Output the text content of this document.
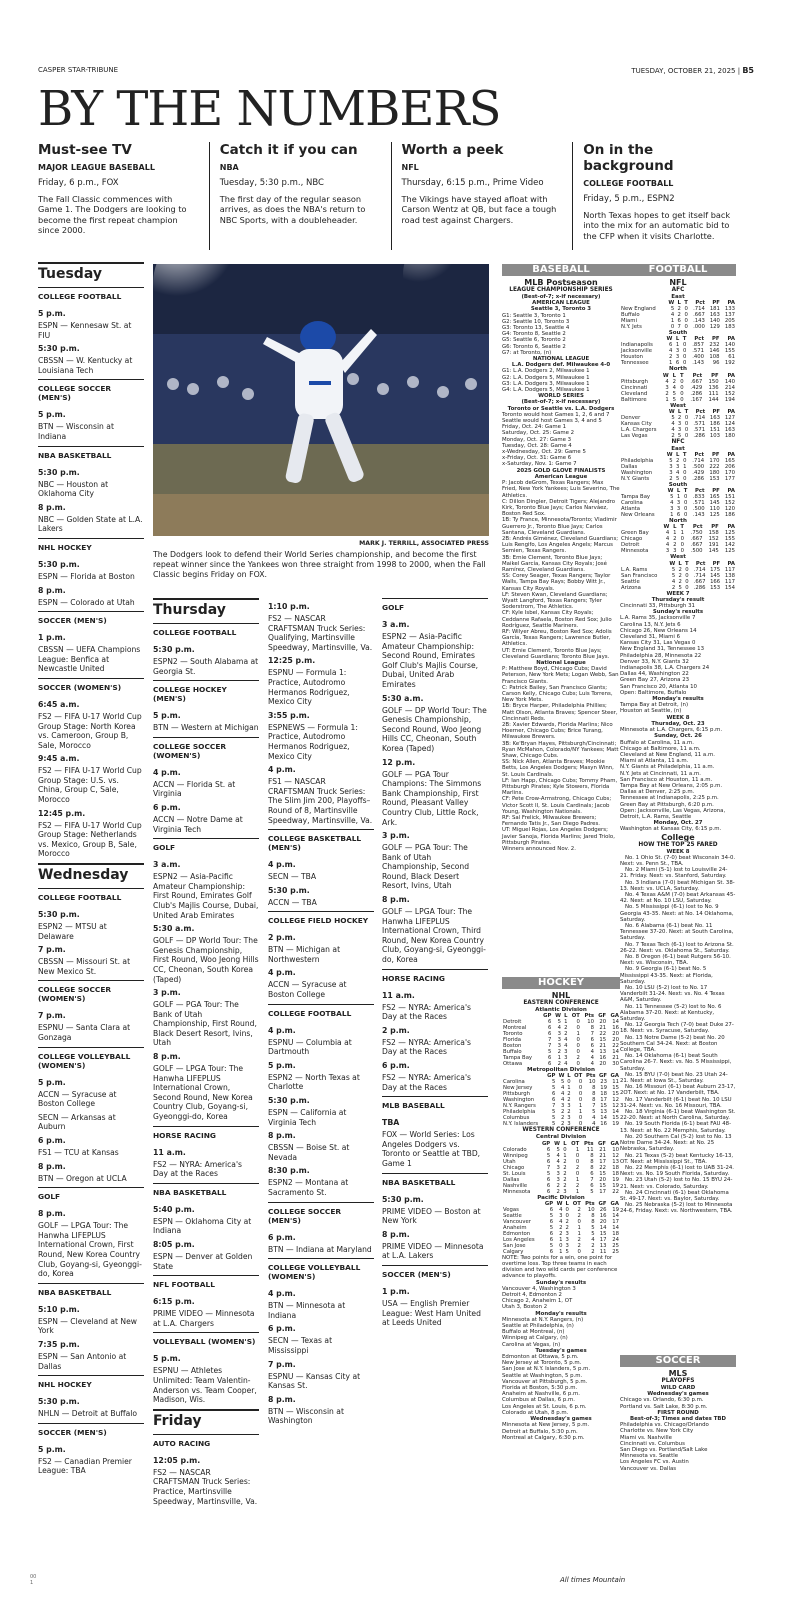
CASPER STAR-TRIBUNE	TUESDAY, OCTOBER 21, 2025 | B5
BY THE NUMBERS
Must-see TV
MAJOR LEAGUE BASEBALL
Friday, 6 p.m., FOX

The Fall Classic commences with Game 1. The Dodgers are looking to become the first repeat champion since 2000.

Catch it if you can
NBA
Tuesday, 5:30 p.m., NBC

The first day of the regular season arrives, as does the NBA's return to NBC Sports, with a doubleheader.

Worth a peek
NFL
Thursday, 6:15 p.m., Prime Video

The Vikings have stayed afloat with Carson Wentz at QB, but face a tough road test against Chargers.

On in the background
COLLEGE FOOTBALL
Friday, 5 p.m., ESPN2

North Texas hopes to get itself back into the mix for an automatic bid to the CFP when it visits Charlotte.

Tuesday
COLLEGE FOOTBALL
5 p.m.
ESPN — Kennesaw St. at FIU
5:30 p.m.
CBSSN — W. Kentucky at Louisiana Tech
COLLEGE SOCCER (MEN'S)
5 p.m.
BTN — Wisconsin at Indiana
NBA BASKETBALL
5:30 p.m.
NBC — Houston at Oklahoma City
8 p.m.
NBC — Golden State at L.A. Lakers
NHL HOCKEY
5:30 p.m.
ESPN — Florida at Boston
8 p.m.
ESPN — Colorado at Utah
SOCCER (MEN'S)
1 p.m.
CBSSN — UEFA Champions League: Benfica at Newcastle United
SOCCER (WOMEN'S)
6:45 a.m.
FS2 — FIFA U-17 World Cup Group Stage: North Korea vs. Cameroon, Group B, Sale, Morocco
9:45 a.m.
FS2 — FIFA U-17 World Cup Group Stage: U.S. vs. China, Group C, Sale, Morocco
12:45 p.m.
FS2 — FIFA U-17 World Cup Group Stage: Netherlands vs. Mexico, Group B, Sale, Morocco
Wednesday
COLLEGE FOOTBALL
5:30 p.m.
ESPN2 — MTSU at Delaware
7 p.m.
CBSSN — Missouri St. at New Mexico St.
COLLEGE SOCCER (WOMEN'S)
7 p.m.
ESPNU — Santa Clara at Gonzaga
COLLEGE VOLLEYBALL (WOMEN'S)
5 p.m.
ACCN — Syracuse at Boston College
SECN — Arkansas at Auburn
6 p.m.
FS1 — TCU at Kansas
8 p.m.
BTN — Oregon at UCLA
GOLF
8 p.m.
GOLF — LPGA Tour: The Hanwha LIFEPLUS International Crown, First Round, New Korea Country Club, Goyang-si, Gyeonggi-do, Korea
NBA BASKETBALL
5:10 p.m.
ESPN — Cleveland at New York
7:35 p.m.
ESPN — San Antonio at Dallas
NHL HOCKEY
5:30 p.m.
NHLN — Detroit at Buffalo
SOCCER (MEN'S)
5 p.m.
FS2 — Canadian Premier League: TBA
MARK J. TERRILL, ASSOCIATED PRESS
The Dodgers look to defend their World Series championship, and become the first repeat winner since the Yankees won three straight from 1998 to 2000, when the Fall Classic begins Friday on FOX.
Thursday
COLLEGE FOOTBALL
5:30 p.m.
ESPN2 — South Alabama at Georgia St.
COLLEGE HOCKEY (MEN'S)
5 p.m.
BTN — Western at Michigan
COLLEGE SOCCER (WOMEN'S)
4 p.m.
ACCN — Florida St. at Virginia
6 p.m.
ACCN — Notre Dame at Virginia Tech
GOLF
3 a.m.
ESPN2 — Asia-Pacific Amateur Championship: First Round, Emirates Golf Club's Majlis Course, Dubai, United Arab Emirates
5:30 a.m.
GOLF — DP World Tour: The Genesis Championship, First Round, Woo Jeong Hills CC, Cheonan, South Korea (Taped)
3 p.m.
GOLF — PGA Tour: The Bank of Utah Championship, First Round, Black Desert Resort, Ivins, Utah
8 p.m.
GOLF — LPGA Tour: The Hanwha LIFEPLUS International Crown, Second Round, New Korea Country Club, Goyang-si, Gyeonggi-do, Korea
HORSE RACING
11 a.m.
FS2 — NYRA: America's Day at the Races
NBA BASKETBALL
5:40 p.m.
ESPN — Oklahoma City at Indiana
8:05 p.m.
ESPN — Denver at Golden State
NFL FOOTBALL
6:15 p.m.
PRIME VIDEO — Minnesota at L.A. Chargers
VOLLEYBALL (WOMEN'S)
5 p.m.
ESPNU — Athletes Unlimited: Team Valentin-Anderson vs. Team Cooper, Madison, Wis.
Friday
AUTO RACING
12:05 p.m.
FS2 — NASCAR CRAFTSMAN Truck Series: Practice, Martinsville Speedway, Martinsville, Va.
1:10 p.m.
FS2 — NASCAR CRAFTSMAN Truck Series: Qualifying, Martinsville Speedway, Martinsville, Va.
12:25 p.m.
ESPNU — Formula 1: Practice, Autodromo Hermanos Rodriguez, Mexico City
3:55 p.m.
ESPNEWS — Formula 1: Practice, Autodromo Hermanos Rodriguez, Mexico City
4 p.m.
FS1 — NASCAR CRAFTSMAN Truck Series: The Slim Jim 200, Playoffs–Round of 8, Martinsville Speedway, Martinsville, Va.
COLLEGE BASKETBALL (MEN'S)
4 p.m.
SECN — TBA
5:30 p.m.
ACCN — TBA
COLLEGE FIELD HOCKEY
2 p.m.
BTN — Michigan at Northwestern
4 p.m.
ACCN — Syracuse at Boston College
COLLEGE FOOTBALL
4 p.m.
ESPNU — Columbia at Dartmouth
5 p.m.
ESPN2 — North Texas at Charlotte
5:30 p.m.
ESPN — California at Virginia Tech
8 p.m.
CBSSN — Boise St. at Nevada
8:30 p.m.
ESPN2 — Montana at Sacramento St.
COLLEGE SOCCER (MEN'S)
6 p.m.
BTN — Indiana at Maryland
COLLEGE VOLLEYBALL (WOMEN'S)
4 p.m.
BTN — Minnesota at Indiana
6 p.m.
SECN — Texas at Mississippi
7 p.m.
ESPNU — Kansas City at Kansas St.
8 p.m.
BTN — Wisconsin at Washington
GOLF
3 a.m.
ESPN2 — Asia-Pacific Amateur Championship: Second Round, Emirates Golf Club's Majlis Course, Dubai, United Arab Emirates
5:30 a.m.
GOLF — DP World Tour: The Genesis Championship, Second Round, Woo Jeong Hills CC, Cheonan, South Korea (Taped)
12 p.m.
GOLF — PGA Tour Champions: The Simmons Bank Championship, First Round, Pleasant Valley Country Club, Little Rock, Ark.
3 p.m.
GOLF — PGA Tour: The Bank of Utah Championship, Second Round, Black Desert Resort, Ivins, Utah
8 p.m.
GOLF — LPGA Tour: The Hanwha LIFEPLUS International Crown, Third Round, New Korea Country Club, Goyang-si, Gyeonggi-do, Korea
HORSE RACING
11 a.m.
FS2 — NYRA: America's Day at the Races
2 p.m.
FS2 — NYRA: America's Day at the Races
6 p.m.
FS2 — NYRA: America's Day at the Races
MLB BASEBALL
TBA
FOX — World Series: Los Angeles Dodgers vs. Toronto or Seattle at TBD, Game 1
NBA BASKETBALL
5:30 p.m.
PRIME VIDEO — Boston at New York
8 p.m.
PRIME VIDEO — Minnesota at L.A. Lakers
SOCCER (MEN'S)
1 p.m.
USA — English Premier League: West Ham United at Leeds United
BASEBALL
MLB Postseason
LEAGUE CHAMPIONSHIP SERIES
(Best-of-7; x-if necessary)
AMERICAN LEAGUE
Seattle 3, Toronto 3
G1: Seattle 3, Toronto 1
G2: Seattle 10, Toronto 3
G3: Toronto 13, Seattle 4
G4: Toronto 8, Seattle 2
G5: Seattle 6, Toronto 2
G6: Toronto 6, Seattle 2
G7: at Toronto, (n)
NATIONAL LEAGUE
L.A. Dodgers def. Milwaukee 4-0
G1: L.A. Dodgers 2, Milwaukee 1
G2: L.A. Dodgers 5, Milwaukee 1
G3: L.A. Dodgers 3, Milwaukee 1
G4: L.A. Dodgers 5, Milwaukee 1
WORLD SERIES
(Best-of-7; x-if necessary)
Toronto or Seattle vs. L.A. Dodgers
Toronto would host Games 1, 2, 6 and 7
Seattle would host Games 3, 4 and 5
Friday, Oct. 24: Game 1
Saturday, Oct. 25: Game 2
Monday, Oct. 27: Game 3
Tuesday, Oct. 28: Game 4
x-Wednesday, Oct. 29: Game 5
x-Friday, Oct. 31: Game 6
x-Saturday, Nov. 1: Game 7
2025 GOLD GLOVE FINALISTS
American League
P: Jacob deGrom, Texas Rangers; Max Fried, New York Yankees; Luis Severino, The Athletics.
C: Dillon Dingler, Detroit Tigers; Alejandro Kirk, Toronto Blue Jays; Carlos Narváez, Boston Red Sox.
1B: Ty France, Minnesota/Toronto; Vladimir Guerrero Jr., Toronto Blue Jays; Carlos Santana, Cleveland Guardians.
2B: Andrés Giménez, Cleveland Guardians; Luis Rengifo, Los Angeles Angels; Marcus Semien, Texas Rangers.
3B: Ernie Clement, Toronto Blue Jays; Maikel García, Kansas City Royals; José Ramírez, Cleveland Guardians.
SS: Corey Seager, Texas Rangers; Taylor Walls, Tampa Bay Rays; Bobby Witt Jr., Kansas City Royals.
LF: Steven Kwan, Cleveland Guardians; Wyatt Langford, Texas Rangers; Tyler Soderstrom, The Athletics.
CF: Kyle Isbel, Kansas City Royals; Ceddanne Rafaela, Boston Red Sox; Julio Rodríguez, Seattle Mariners.
RF: Wilyer Abreu, Boston Red Sox; Adolis García, Texas Rangers; Lawrence Butler, Athletics.
UT: Ernie Clement, Toronto Blue Jays; Cleveland Guardians; Toronto Blue Jays.
National League
P: Matthew Boyd, Chicago Cubs; David Peterson, New York Mets; Logan Webb, San Francisco Giants.
C: Patrick Bailey, San Francisco Giants; Carson Kelly, Chicago Cubs; Luis Torrens, New York Mets.
1B: Bryce Harper, Philadelphia Phillies; Matt Olson, Atlanta Braves; Spencer Steer, Cincinnati Reds.
2B: Xavier Edwards, Florida Marlins; Nico Hoerner, Chicago Cubs; Brice Turang, Milwaukee Brewers.
3B: Ke'Bryan Hayes, Pittsburgh/Cincinnati; Ryan McMahon, Colorado/NY Yankees; Matt Shaw, Chicago Cubs.
SS: Nick Allen, Atlanta Braves; Mookie Betts, Los Angeles Dodgers; Masyn Winn, St. Louis Cardinals.
LF: Ian Happ, Chicago Cubs; Tommy Pham, Pittsburgh Pirates; Kyle Stowers, Florida Marlins.
CF: Pete Crow-Armstrong, Chicago Cubs; Victor Scott II, St. Louis Cardinals; Jacob Young, Washington Nationals.
RF: Sal Frelick, Milwaukee Brewers; Fernando Tatis Jr., San Diego Padres.
UT: Miguel Rojas, Los Angeles Dodgers; Javier Sanoja, Florida Marlins; Jared Triolo, Pittsburgh Pirates.
Winners announced Nov. 2.
HOCKEY
NHL
EASTERN CONFERENCE
Atlantic Division
	GP	W	L	OT	Pts	GF	GA
Detroit	6	5	1	0	10	20	14
Montreal	6	4	2	0	8	21	16
Toronto	6	3	2	1	7	22	20
Florida	7	3	4	0	6	15	20
Boston	7	3	4	0	6	21	22
Buffalo	5	2	3	0	4	13	14
Tampa Bay	6	1	3	2	4	16	21
Ottawa	6	2	4	0	4	20	30
Metropolitan Division
	GP	W	L	OT	Pts	GF	GA
Carolina	5	5	0	0	10	23	11
New Jersey	5	4	1	0	8	19	15
Pittsburgh	6	4	2	0	8	18	15
Washington	6	4	2	0	8	17	12
N.Y. Rangers	7	3	3	1	7	15	12
Philadelphia	5	2	2	1	5	13	14
Columbus	5	2	3	0	4	14	15
N.Y. Islanders	5	2	3	0	4	16	19
WESTERN CONFERENCE
Central Division
	GP	W	L	OT	Pts	GF	GA
Colorado	6	5	0	1	11	21	10
Winnipeg	5	4	1	0	8	21	12
Utah	6	4	2	0	8	17	13
Chicago	7	3	2	2	8	22	18
St. Louis	5	3	2	0	6	15	18
Dallas	6	3	2	1	7	20	19
Nashville	6	2	2	2	6	15	19
Minnesota	6	2	3	1	5	17	22
Pacific Division
	GP	W	L	OT	Pts	GF	GA
Vegas	6	4	0	2	10	26	19
Seattle	5	3	0	2	8	16	14
Vancouver	6	4	2	0	8	20	17
Anaheim	5	2	2	1	5	14	14
Edmonton	6	2	3	1	5	15	18
Los Angeles	6	1	3	2	4	17	24
San Jose	5	0	3	2	2	13	25
Calgary	6	1	5	0	2	11	25
NOTE: Two points for a win, one point for overtime loss. Top three teams in each division and two wild cards per conference advance to playoffs.
Sunday's results
Vancouver 4, Washington 3
Detroit 4, Edmonton 2
Chicago 2, Anaheim 1, OT
Utah 3, Boston 2
Monday's results
Minnesota at N.Y. Rangers, (n)
Seattle at Philadelphia, (n)
Buffalo at Montreal, (n)
Winnipeg at Calgary, (n)
Carolina at Vegas, (n)
Tuesday's games
Edmonton at Ottawa, 5 p.m.
New Jersey at Toronto, 5 p.m.
San Jose at N.Y. Islanders, 5 p.m.
Seattle at Washington, 5 p.m.
Vancouver at Pittsburgh, 5 p.m.
Florida at Boston, 5:30 p.m.
Anaheim at Nashville, 6 p.m.
Columbus at Dallas, 6 p.m.
Los Angeles at St. Louis, 6 p.m.
Colorado at Utah, 8 p.m.
Wednesday's games
Minnesota at New Jersey, 5 p.m.
Detroit at Buffalo, 5:30 p.m.
Montreal at Calgary, 6:30 p.m.
FOOTBALL
NFL
AFC
East
	W	L	T	Pct	PF	PA
New England	5	2	0	.714	181	133
Buffalo	4	2	0	.667	163	137
Miami	1	6	0	.143	140	205
N.Y. Jets	0	7	0	.000	129	183
South
	W	L	T	Pct	PF	PA
Indianapolis	6	1	0	.857	232	140
Jacksonville	4	3	0	.571	146	155
Houston	2	3	0	.400	108	61
Tennessee	1	6	0	.143	96	192
North
	W	L	T	Pct	PF	PA
Pittsburgh	4	2	0	.667	150	140
Cincinnati	3	4	0	.429	136	214
Cleveland	2	5	0	.286	111	152
Baltimore	1	5	0	.167	144	194
West
	W	L	T	Pct	PF	PA
Denver	5	2	0	.714	163	127
Kansas City	4	3	0	.571	186	124
L.A. Chargers	4	3	0	.571	151	163
Las Vegas	2	5	0	.286	103	180
NFC
East
	W	L	T	Pct	PF	PA
Philadelphia	5	2	0	.714	170	165
Dallas	3	3	1	.500	222	206
Washington	3	4	0	.429	180	170
N.Y. Giants	2	5	0	.286	153	177
South
	W	L	T	Pct	PF	PA
Tampa Bay	5	1	0	.833	165	151
Carolina	4	3	0	.571	145	152
Atlanta	3	3	0	.500	110	120
New Orleans	1	6	0	.143	125	186
North
	W	L	T	Pct	PF	PA
Green Bay	4	1	1	.750	158	125
Chicago	4	2	0	.667	152	155
Detroit	4	2	0	.667	191	142
Minnesota	3	3	0	.500	145	125
West
	W	L	T	Pct	PF	PA
L.A. Rams	5	2	0	.714	175	117
San Francisco	5	2	0	.714	145	138
Seattle	4	2	0	.667	166	117
Arizona	2	5	0	.286	153	154
WEEK 7
Thursday's result
Cincinnati 33, Pittsburgh 31
Sunday's results
L.A. Rams 35, Jacksonville 7
Carolina 13, N.Y. Jets 6
Chicago 26, New Orleans 14
Cleveland 31, Miami 6
Kansas City 31, Las Vegas 0
New England 31, Tennessee 13
Philadelphia 28, Minnesota 22
Denver 33, N.Y. Giants 32
Indianapolis 38, L.A. Chargers 24
Dallas 44, Washington 22
Green Bay 27, Arizona 23
San Francisco 20, Atlanta 10
Open: Baltimore, Buffalo
Monday's results
Tampa Bay at Detroit, (n)
Houston at Seattle, (n)
WEEK 8
Thursday, Oct. 23
Minnesota at L.A. Chargers, 6:15 p.m.
Sunday, Oct. 26
Buffalo at Carolina, 11 a.m.
Chicago at Baltimore, 11 a.m.
Cleveland at New England, 11 a.m.
Miami at Atlanta, 11 a.m.
N.Y. Giants at Philadelphia, 11 a.m.
N.Y. Jets at Cincinnati, 11 a.m.
San Francisco at Houston, 11 a.m.
Tampa Bay at New Orleans, 2:05 p.m.
Dallas at Denver, 2:25 p.m.
Tennessee at Indianapolis, 2:25 p.m.
Green Bay at Pittsburgh, 6:20 p.m.
Open: Jacksonville, Las Vegas, Arizona, Detroit, L.A. Rams, Seattle
Monday, Oct. 27
Washington at Kansas City, 6:15 p.m.
College
HOW THE TOP 25 FARED
WEEK 8
No. 1 Ohio St. (7-0) beat Wisconsin 34-0. Next: vs. Penn St., TBA.
No. 2 Miami (5-1) lost to Louisville 24-21. Friday. Next: vs. Stanford, Saturday.
No. 3 Indiana (7-0) beat Michigan St. 38-13. Next: vs. UCLA, Saturday.
No. 4 Texas A&M (7-0) beat Arkansas 45-42. Next: at No. 10 LSU, Saturday.
No. 5 Mississippi (6-1) lost to No. 9 Georgia 43-35. Next: at No. 14 Oklahoma, Saturday.
No. 6 Alabama (6-1) beat No. 11 Tennessee 37-20. Next: at South Carolina, Saturday.
No. 7 Texas Tech (6-1) lost to Arizona St. 26-22. Next: vs. Oklahoma St., Saturday.
No. 8 Oregon (6-1) beat Rutgers 56-10. Next: vs. Wisconsin, TBA.
No. 9 Georgia (6-1) beat No. 5 Mississippi 43-35. Next: at Florida, Saturday.
No. 10 LSU (5-2) lost to No. 17 Vanderbilt 31-24. Next: vs. No. 4 Texas A&M, Saturday.
No. 11 Tennessee (5-2) lost to No. 6 Alabama 37-20. Next: at Kentucky, Saturday.
No. 12 Georgia Tech (7-0) beat Duke 27-18. Next: vs. Syracuse, Saturday.
No. 13 Notre Dame (5-2) beat No. 20 Southern Cal 34-24. Next: at Boston College, TBA.
No. 14 Oklahoma (6-1) beat South Carolina 26-7. Next: vs. No. 5 Mississippi, Saturday.
No. 15 BYU (7-0) beat No. 23 Utah 24-21. Next: at Iowa St., Saturday.
No. 16 Missouri (6-1) beat Auburn 23-17, 2OT. Next: at No. 17 Vanderbilt, TBA.
No. 17 Vanderbilt (6-1) beat No. 10 LSU 31-24. Next: vs. No. 16 Missouri, TBA.
No. 18 Virginia (6-1) beat Washington St. 22-20. Next: at North Carolina, Saturday.
No. 19 South Florida (6-1) beat FAU 48-13. Next: at No. 22 Memphis, Saturday.
No. 20 Southern Cal (5-2) lost to No. 13 Notre Dame 34-24. Next: at No. 25 Nebraska, Saturday.
No. 21 Texas (5-2) beat Kentucky 16-13, OT. Next: at Mississippi St., TBA.
No. 22 Memphis (6-1) lost to UAB 31-24. Next: vs. No. 19 South Florida, Saturday.
No. 23 Utah (5-2) lost to No. 15 BYU 24-21. Next: vs. Colorado, Saturday.
No. 24 Cincinnati (6-1) beat Oklahoma St. 49-17. Next: vs. Baylor, Saturday.
No. 25 Nebraska (5-2) lost to Minnesota 24-6, Friday. Next: vs. Northwestern, TBA.
SOCCER
MLS
PLAYOFFS
WILD CARD
Wednesday's games
Chicago vs. Orlando, 6:30 p.m.
Portland vs. Salt Lake, 8:30 p.m.
FIRST ROUND
Best-of-3; Times and dates TBD
Philadelphia vs. Chicago/Orlando
Charlotte vs. New York City
Miami vs. Nashville
Cincinnati vs. Columbus
San Diego vs. Portland/Salt Lake
Minnesota vs. Seattle
Los Angeles FC vs. Austin
Vancouver vs. Dallas
All times Mountain
00
1
